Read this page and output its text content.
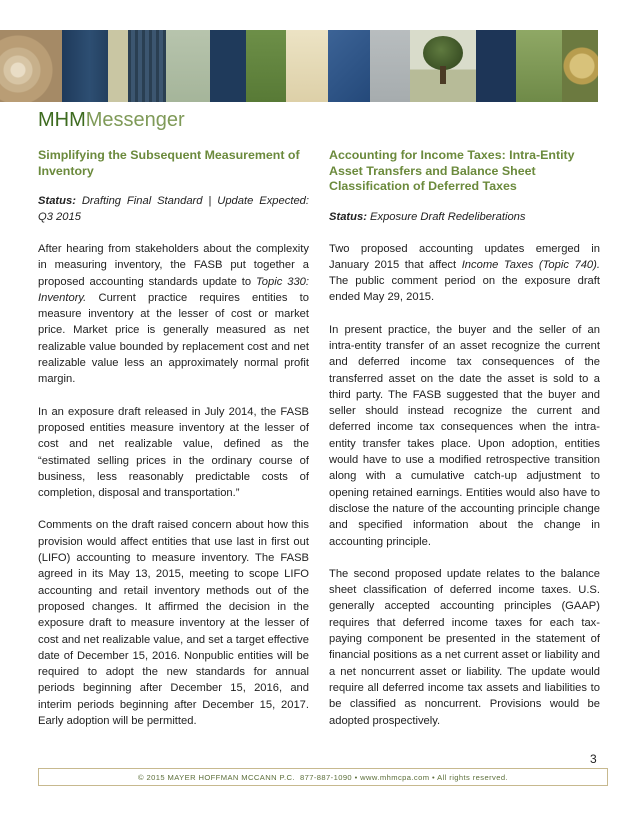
MHMMessenger
Simplifying the Subsequent Measurement of Inventory
Status: Drafting Final Standard | Update Expected: Q3 2015
After hearing from stakeholders about the complexity in measuring inventory, the FASB put together a proposed accounting standards update to Topic 330: Inventory. Current practice requires entities to measure inventory at the lesser of cost or market price. Market price is generally measured as net realizable value bounded by replacement cost and net realizable value less an approximately normal profit margin.
In an exposure draft released in July 2014, the FASB proposed entities measure inventory at the lesser of cost and net realizable value, defined as the “estimated selling prices in the ordinary course of business, less reasonably predictable costs of completion, disposal and transportation.”
Comments on the draft raised concern about how this provision would affect entities that use last in first out (LIFO) accounting to measure inventory. The FASB agreed in its May 13, 2015, meeting to scope LIFO accounting and retail inventory methods out of the proposed changes. It affirmed the decision in the exposure draft to measure inventory at the lesser of cost and net realizable value, and set a target effective date of December 15, 2016. Nonpublic entities will be required to adopt the new standards for annual periods beginning after December 15, 2016, and interim periods beginning after December 15, 2017. Early adoption will be permitted.
Accounting for Income Taxes: Intra-Entity Asset Transfers and Balance Sheet Classification of Deferred Taxes
Status: Exposure Draft Redeliberations
Two proposed accounting updates emerged in January 2015 that affect Income Taxes (Topic 740). The public comment period on the exposure draft ended May 29, 2015.
In present practice, the buyer and the seller of an intra-entity transfer of an asset recognize the current and deferred income tax consequences of the transferred asset on the date the asset is sold to a third party. The FASB suggested that the buyer and seller should instead recognize the current and deferred income tax consequences when the intra-entity transfer takes place. Upon adoption, entities would have to use a modified retrospective transition along with a cumulative catch-up adjustment to opening retained earnings. Entities would also have to disclose the nature of the accounting principle change and specified information about the change in accounting principle.
The second proposed update relates to the balance sheet classification of deferred income taxes. U.S. generally accepted accounting principles (GAAP) requires that deferred income taxes for each tax-paying component be presented in the statement of financial positions as a net current asset or liability and a net noncurrent asset or liability. The update would require all deferred income tax assets and liabilities to be classified as noncurrent. Provisions would be adopted prospectively.
3
© 2015 MAYER HOFFMAN MCCANN P.C. 877-887-1090 • www.mhmcpa.com • All rights reserved.
